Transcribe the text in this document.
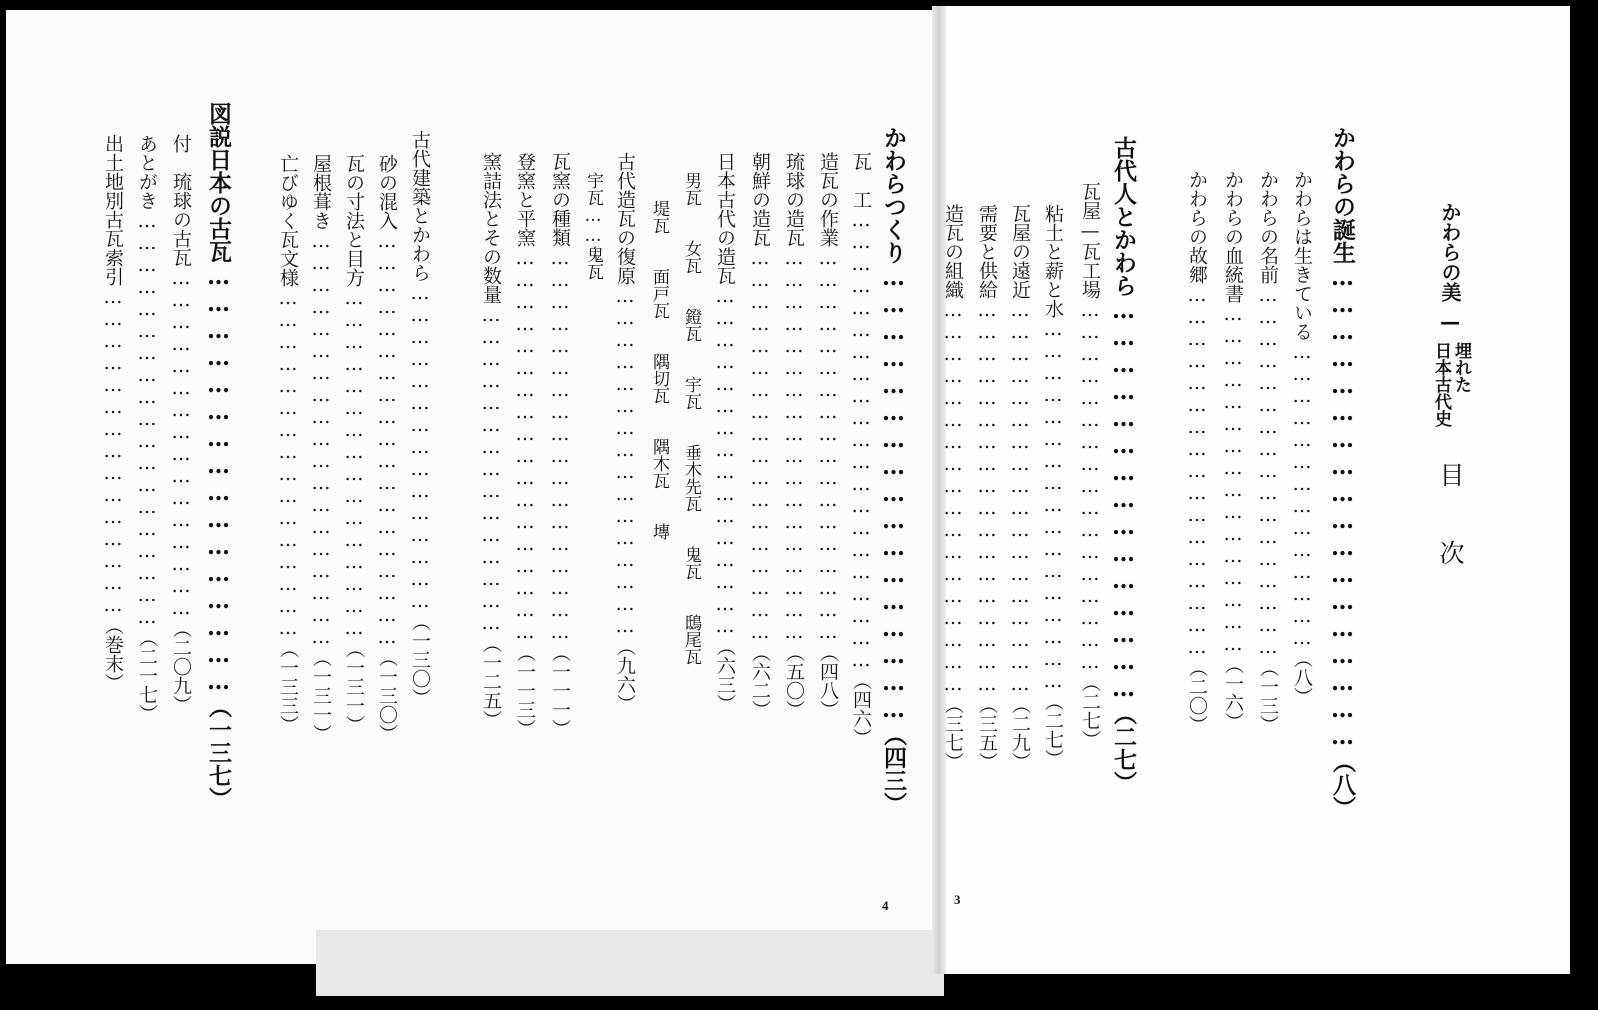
かわらの美
—
埋れた
日本古代史
目
次
かわらの誕生………………………………………………（八）
かわらは生きている……………………………………（八）
かわらの名前……………………………………………（一三）
かわらの血統書…………………………………………（一六）
かわらの故郷……………………………………………（二〇）
古代人とかわら………………………………………（二七）
瓦屋—瓦工場……………………………………………（二七）
粘土と薪と水……………………………………………（二七）
瓦屋の遠近………………………………………………（二九）
需要と供給………………………………………………（三五）
造瓦の組織………………………………………………（三七）
かわらつくり……………………………………………（四三）
瓦　工………………………………………………………（四六）
造瓦の作業………………………………………………（四八）
琉球の造瓦………………………………………………（五〇）
朝鮮の造瓦………………………………………………（六二）
日本古代の造瓦…………………………………………（六三）
男瓦　　女瓦　　鐙瓦　　宇瓦　　垂木先瓦　　鬼瓦　　鴟尾瓦
堤瓦　　面戸瓦　　隅切瓦　　隅木瓦　　塼
古代造瓦の復原…………………………………………（九六）
宇瓦……鬼瓦
瓦窯の種類………………………………………………（一一一）
登窯と平窯………………………………………………（一一三）
窯詰法とその数量………………………………………（一二五）
古代建築とかわら………………………………………（一三〇）
砂の混入…………………………………………………（一三〇）
瓦の寸法と目方…………………………………………（一三一）
屋根葺き…………………………………………………（一三一）
亡びゆく瓦文様…………………………………………（一三三）
図説日本の古瓦…………………………………………（一三七）
付　琉球の古瓦…………………………………………（二〇九）
あとがき…………………………………………………（二一七）
出土地別古瓦索引………………………………………（巻末）
3
4
